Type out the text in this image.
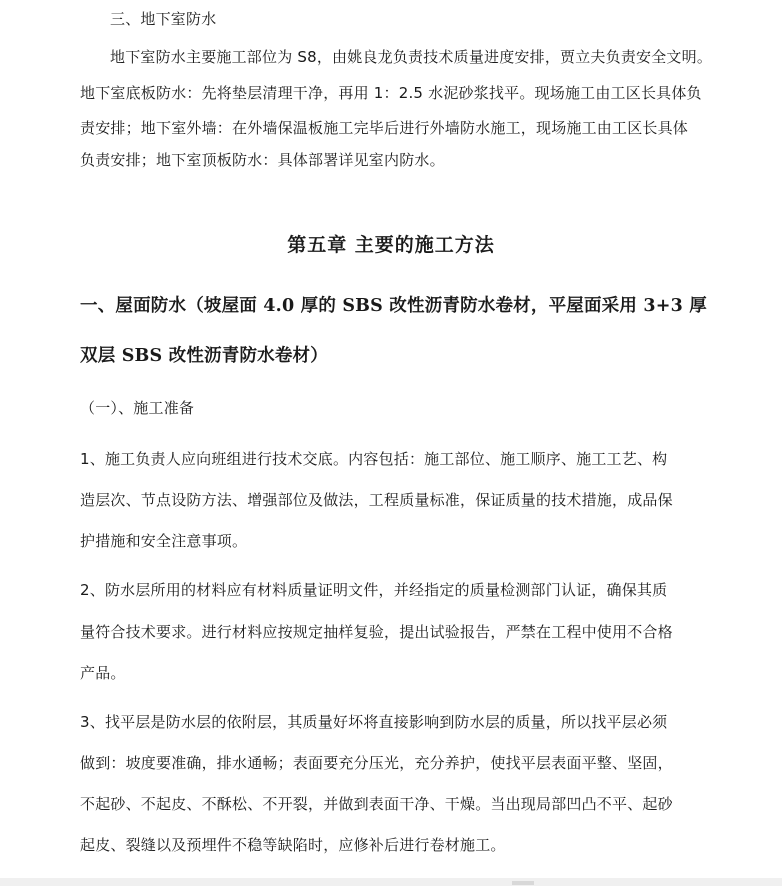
三、地下室防水
地下室防水主要施工部位为 S8，由姚良龙负责技术质量进度安排，贾立夫负责安全文明。
地下室底板防水：先将垫层清理干净，再用 1：2.5 水泥砂浆找平。现场施工由工区长具体负
责安排；地下室外墙：在外墙保温板施工完毕后进行外墙防水施工，现场施工由工区长具体
负责安排；地下室顶板防水：具体部署详见室内防水。
第五章 主要的施工方法
一、屋面防水（坡屋面 4.0 厚的 SBS 改性沥青防水卷材，平屋面采用 3+3 厚
双层 SBS 改性沥青防水卷材）
（一）、施工准备
1、施工负责人应向班组进行技术交底。内容包括：施工部位、施工顺序、施工工艺、构
造层次、节点设防方法、增强部位及做法，工程质量标准，保证质量的技术措施，成品保
护措施和安全注意事项。
2、防水层所用的材料应有材料质量证明文件，并经指定的质量检测部门认证，确保其质
量符合技术要求。进行材料应按规定抽样复验，提出试验报告，严禁在工程中使用不合格
产品。
3、找平层是防水层的依附层，其质量好坏将直接影响到防水层的质量，所以找平层必须
做到：坡度要准确，排水通畅；表面要充分压光，充分养护，使找平层表面平整、坚固，
不起砂、不起皮、不酥松、不开裂，并做到表面干净、干燥。当出现局部凹凸不平、起砂
起皮、裂缝以及预埋件不稳等缺陷时，应修补后进行卷材施工。
